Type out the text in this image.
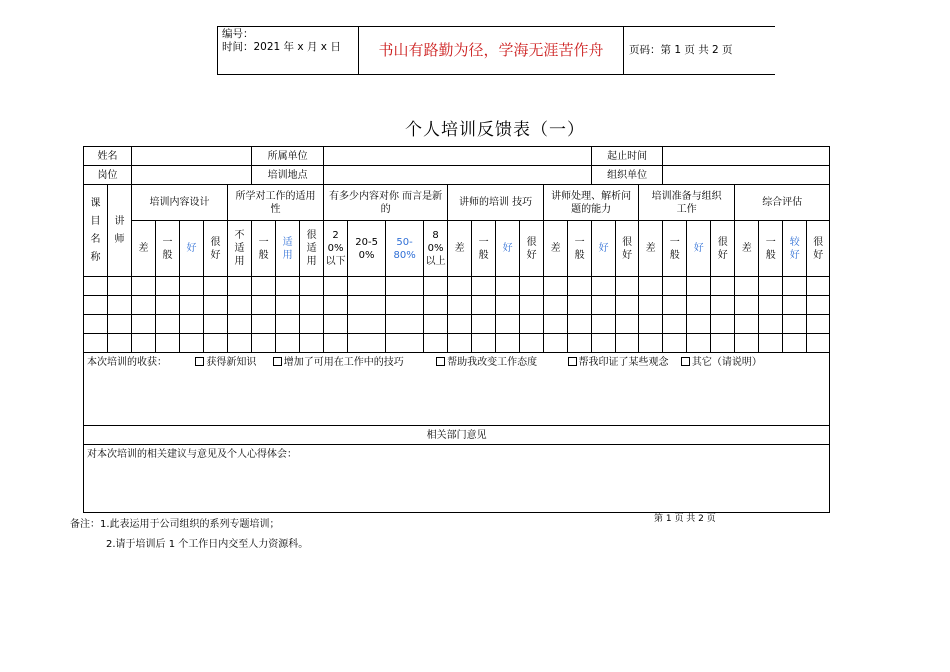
编号：
时间：2021 年 x 月 x 日	书山有路勤为径，学海无涯苦作舟	页码：第 1 页 共 2 页
个人培训反馈表（一）
姓名							所属单位													起止时间									
岗位							培训地点													组织单位									

课目名称	讲师	培训内容设计				所学对工作的适用性				有多少内容对你 而言是新的				讲师的培训 技巧				讲师处理、解析问题的能力				培训准备与组织工作				综合评估			

		差	一般	好	很好	不适用	一般	适用	很适用	20%以下	20-50%	50-80%	80%以上	差	一般	好	很好	差	一般	好	很好	差	一般	好	很好	差	一般	较好	很好

本次培训的收获： 获得新知识 增加了可用在工作中的技巧 帮助我改变工作态度 帮我印证了某些观念 其它（请说明）																													
相关部门意见																													
对本次培训的相关建议与意见及个人心得体会：																													
第 1 页 共 2 页
备注：1.此表运用于公司组织的系列专题培训；
2.请于培训后 1 个工作日内交至人力资源科。
